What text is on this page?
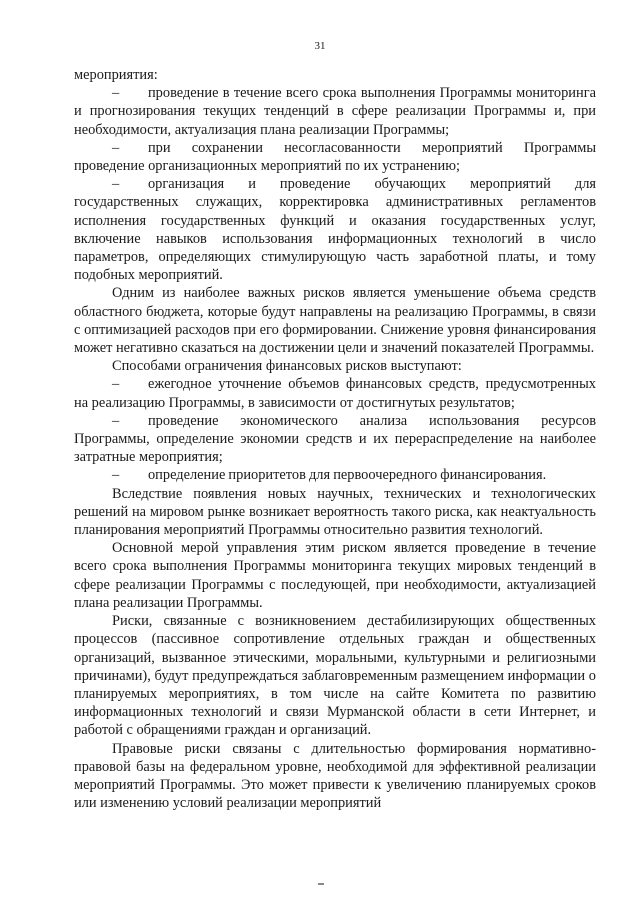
31

мероприятия:

–  проведение в течение всего срока выполнения Программы мониторинга и прогнозирования текущих тенденций в сфере реализации Программы и, при необходимости, актуализация плана реализации Программы;

–  при сохранении несогласованности мероприятий Программы проведение организационных мероприятий по их устранению;

–  организация и проведение обучающих мероприятий для государственных служащих, корректировка административных регламентов исполнения государственных функций и оказания государственных услуг, включение навыков использования информационных технологий в число параметров, определяющих стимулирующую часть заработной платы, и тому подобных мероприятий.

Одним из наиболее важных рисков является уменьшение объема средств областного бюджета, которые будут направлены на реализацию Программы, в связи с оптимизацией расходов при его формировании. Снижение уровня финансирования может негативно сказаться на достижении цели и значений показателей Программы.

Способами ограничения финансовых рисков выступают:

–  ежегодное уточнение объемов финансовых средств, предусмотренных на реализацию Программы, в зависимости от достигнутых результатов;

–  проведение экономического анализа использования ресурсов Программы, определение экономии средств и их перераспределение на наиболее затратные мероприятия;

–  определение приоритетов для первоочередного финансирования.

Вследствие появления новых научных, технических и технологических решений на мировом рынке возникает вероятность такого риска, как неактуальность планирования мероприятий Программы относительно развития технологий.

Основной мерой управления этим риском является проведение в течение всего срока выполнения Программы мониторинга текущих мировых тенденций в сфере реализации Программы с последующей, при необходимости, актуализацией плана реализации Программы.

Риски, связанные с возникновением дестабилизирующих общественных процессов (пассивное сопротивление отдельных граждан и общественных организаций, вызванное этическими, моральными, культурными и религиозными причинами), будут предупреждаться заблаговременным размещением информации о планируемых мероприятиях, в том числе на сайте Комитета по развитию информационных технологий и связи Мурманской области в сети Интернет, и работой с обращениями граждан и организаций.

Правовые риски связаны с длительностью формирования нормативно-правовой базы на федеральном уровне, необходимой для эффективной реализации мероприятий Программы. Это может привести к увеличению планируемых сроков или изменению условий реализации мероприятий
